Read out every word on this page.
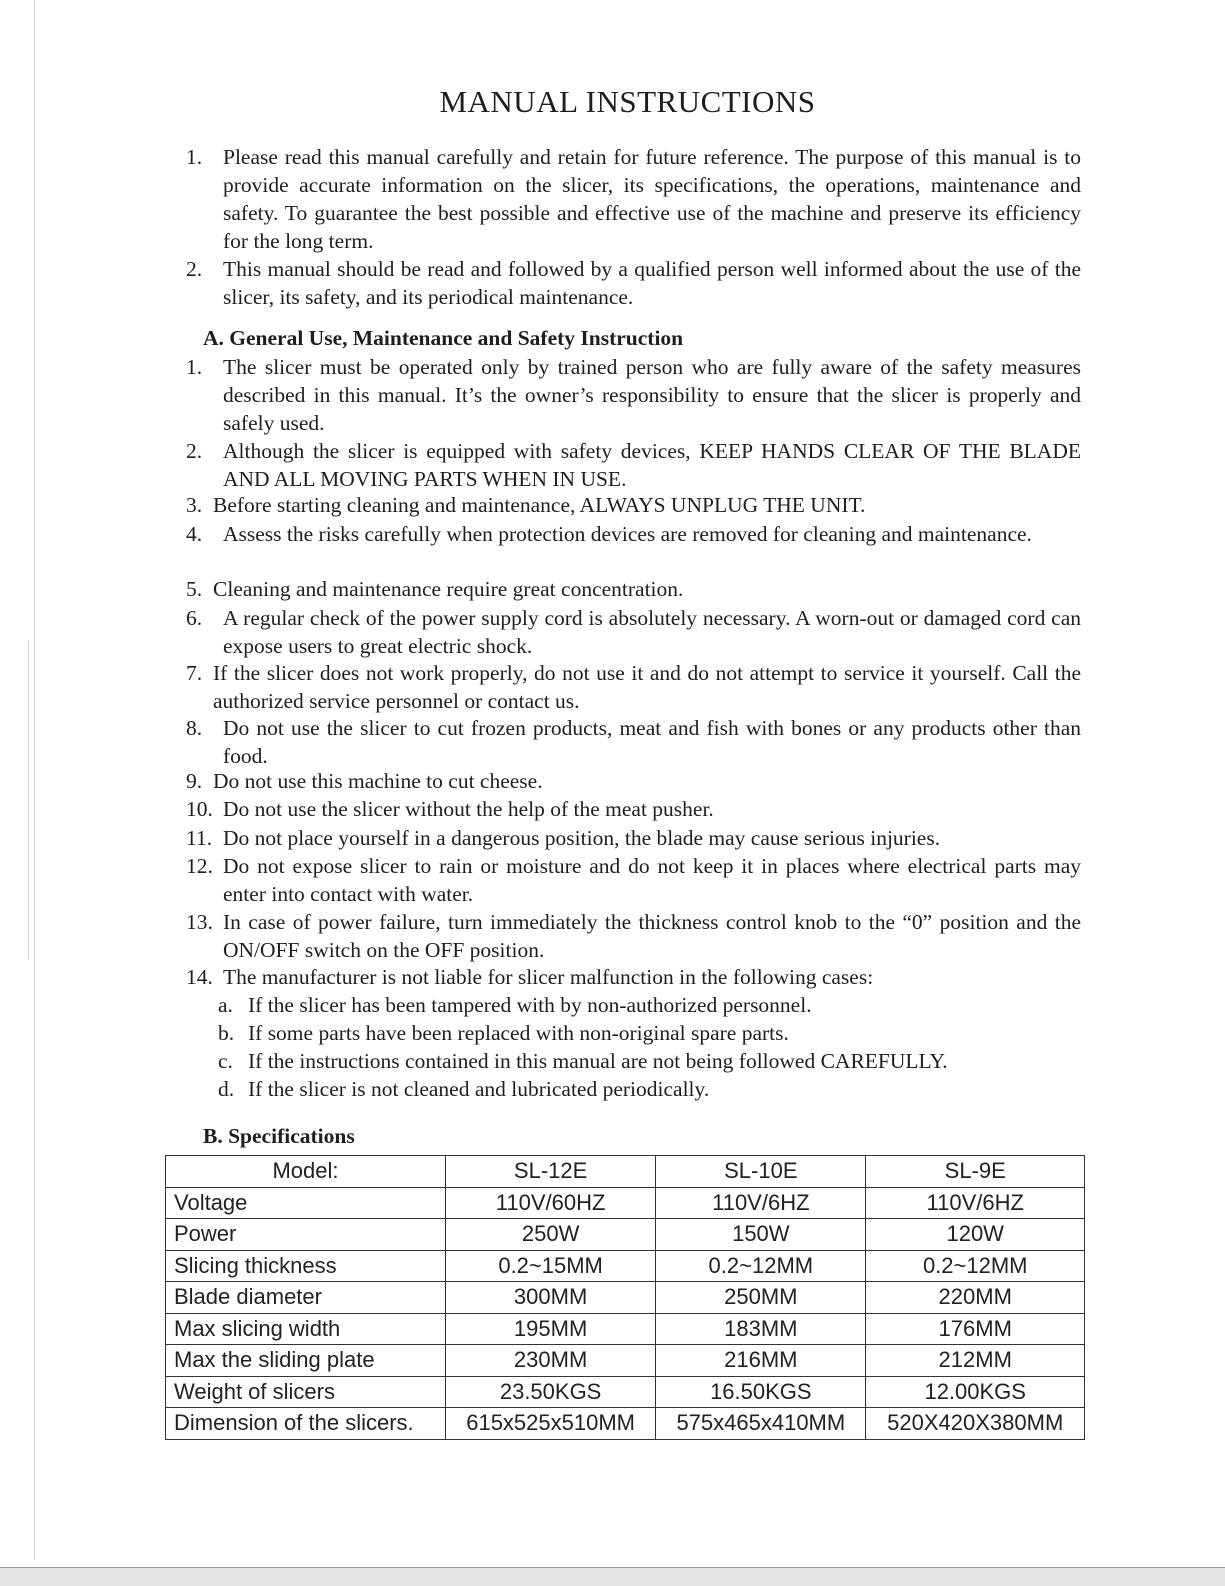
MANUAL INSTRUCTIONS
1. Please read this manual carefully and retain for future reference. The purpose of this manual is to provide accurate information on the slicer, its specifications, the operations, maintenance and safety. To guarantee the best possible and effective use of the machine and preserve its efficiency for the long term.
2. This manual should be read and followed by a qualified person well informed about the use of the slicer, its safety, and its periodical maintenance.
A. General Use, Maintenance and Safety Instruction
1. The slicer must be operated only by trained person who are fully aware of the safety measures described in this manual. It’s the owner’s responsibility to ensure that the slicer is properly and safely used.
2. Although the slicer is equipped with safety devices, KEEP HANDS CLEAR OF THE BLADE AND ALL MOVING PARTS WHEN IN USE.
3. Before starting cleaning and maintenance, ALWAYS UNPLUG THE UNIT.
4. Assess the risks carefully when protection devices are removed for cleaning and maintenance.
5. Cleaning and maintenance require great concentration.
6. A regular check of the power supply cord is absolutely necessary. A worn-out or damaged cord can expose users to great electric shock.
7. If the slicer does not work properly, do not use it and do not attempt to service it yourself. Call the authorized service personnel or contact us.
8. Do not use the slicer to cut frozen products, meat and fish with bones or any products other than food.
9. Do not use this machine to cut cheese.
10. Do not use the slicer without the help of the meat pusher.
11. Do not place yourself in a dangerous position, the blade may cause serious injuries.
12. Do not expose slicer to rain or moisture and do not keep it in places where electrical parts may enter into contact with water.
13. In case of power failure, turn immediately the thickness control knob to the “0” position and the ON/OFF switch on the OFF position.
14. The manufacturer is not liable for slicer malfunction in the following cases:
a. If the slicer has been tampered with by non-authorized personnel.
b. If some parts have been replaced with non-original spare parts.
c. If the instructions contained in this manual are not being followed CAREFULLY.
d. If the slicer is not cleaned and lubricated periodically.
B. Specifications
Model:	SL-12E	SL-10E	SL-9E
Voltage	110V/60HZ	110V/6HZ	110V/6HZ
Power	250W	150W	120W
Slicing thickness	0.2~15MM	0.2~12MM	0.2~12MM
Blade diameter	300MM	250MM	220MM
Max slicing width	195MM	183MM	176MM
Max the sliding plate	230MM	216MM	212MM
Weight of slicers	23.50KGS	16.50KGS	12.00KGS
Dimension of the slicers.	615x525x510MM	575x465x410MM	520X420X380MM
